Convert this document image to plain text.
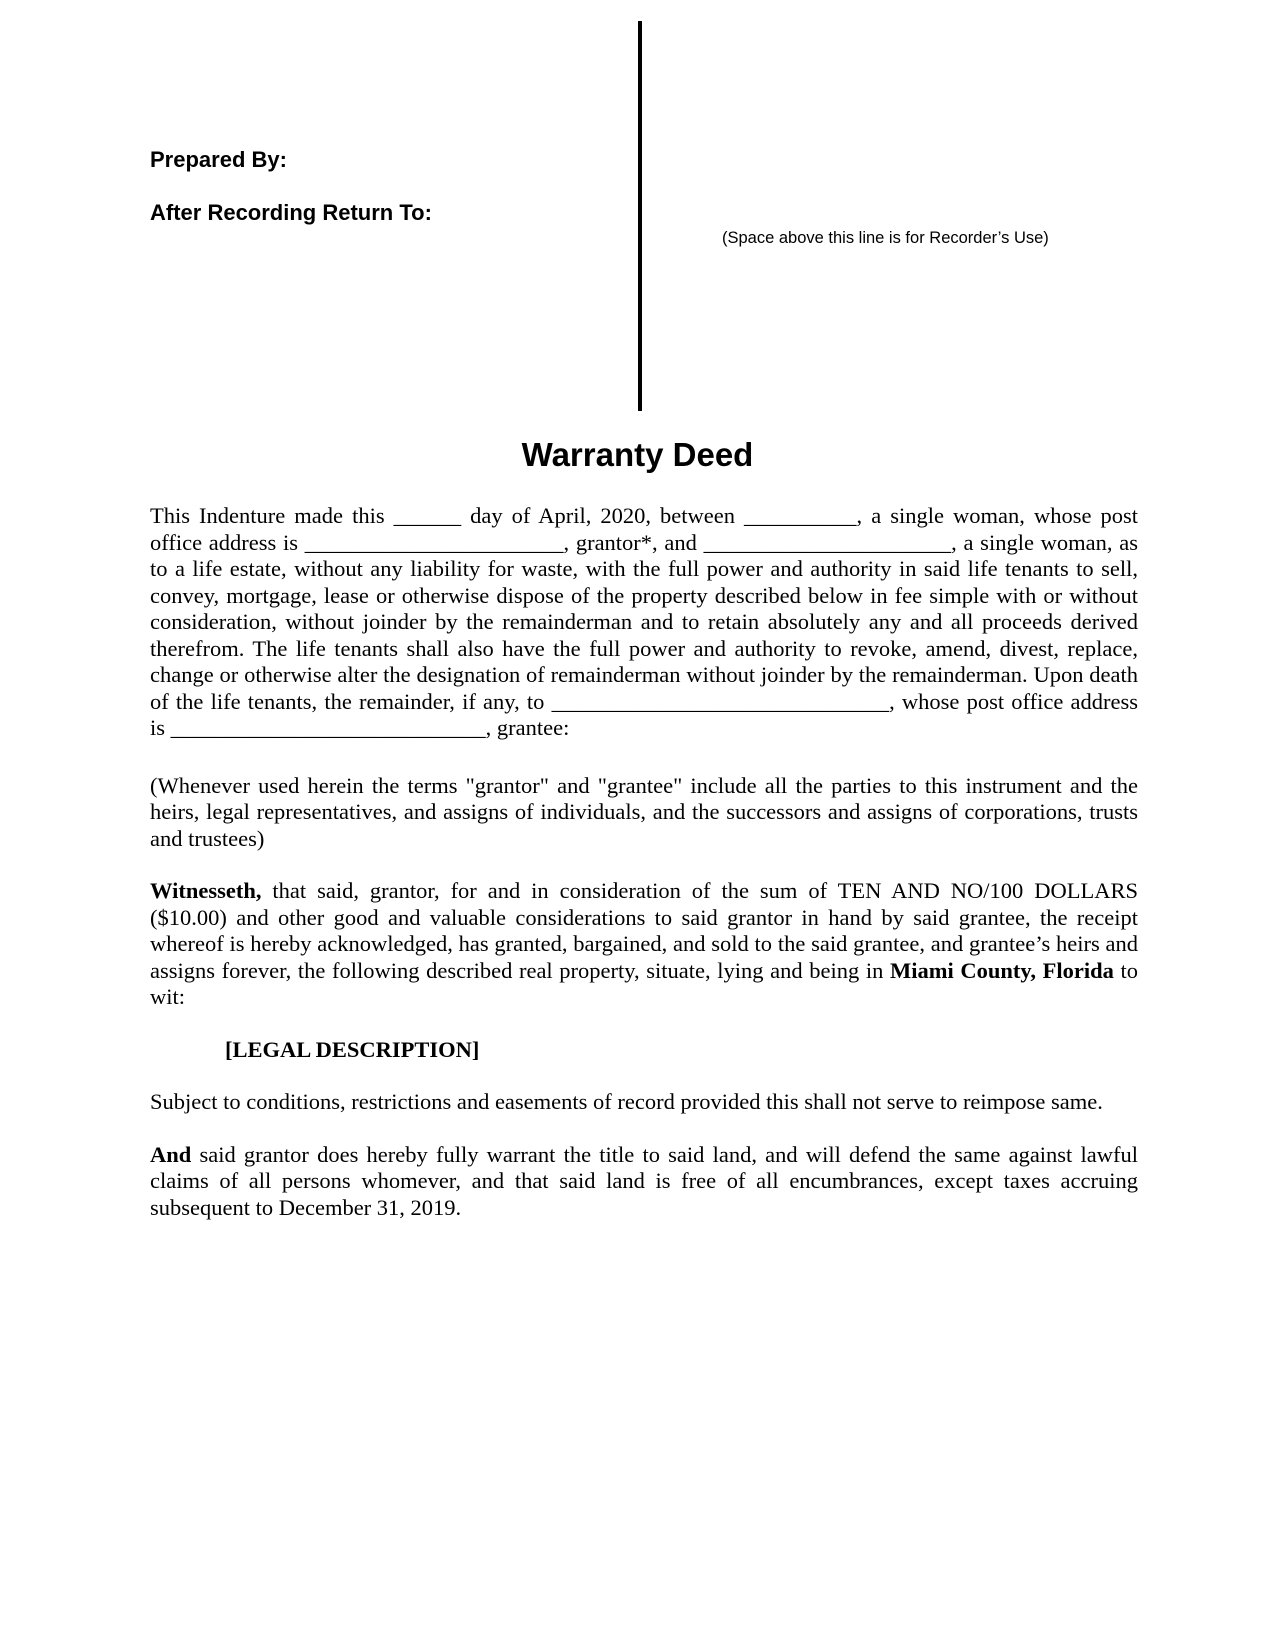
Prepared By:
After Recording Return To:
(Space above this line is for Recorder’s Use)
Warranty Deed

This Indenture made this ______ day of April, 2020, between __________, a single woman, whose post office address is _______________________, grantor*, and ______________________, a single woman, as to a life estate, without any liability for waste, with the full power and authority in said life tenants to sell, convey, mortgage, lease or otherwise dispose of the property described below in fee simple with or without consideration, without joinder by the remainderman and to retain absolutely any and all proceeds derived therefrom. The life tenants shall also have the full power and authority to revoke, amend, divest, replace, change or otherwise alter the designation of remainderman without joinder by the remainderman. Upon death of the life tenants, the remainder, if any, to ______________________________, whose post office address is ____________________________, grantee:

(Whenever used herein the terms "grantor" and "grantee" include all the parties to this instrument and the heirs, legal representatives, and assigns of individuals, and the successors and assigns of corporations, trusts and trustees)

Witnesseth, that said, grantor, for and in consideration of the sum of TEN AND NO/100 DOLLARS ($10.00) and other good and valuable considerations to said grantor in hand by said grantee, the receipt whereof is hereby acknowledged, has granted, bargained, and sold to the said grantee, and grantee’s heirs and assigns forever, the following described real property, situate, lying and being in Miami County, Florida to wit:

[LEGAL DESCRIPTION]

Subject to conditions, restrictions and easements of record provided this shall not serve to reimpose same.

And said grantor does hereby fully warrant the title to said land, and will defend the same against lawful claims of all persons whomever, and that said land is free of all encumbrances, except taxes accruing subsequent to December 31, 2019.
